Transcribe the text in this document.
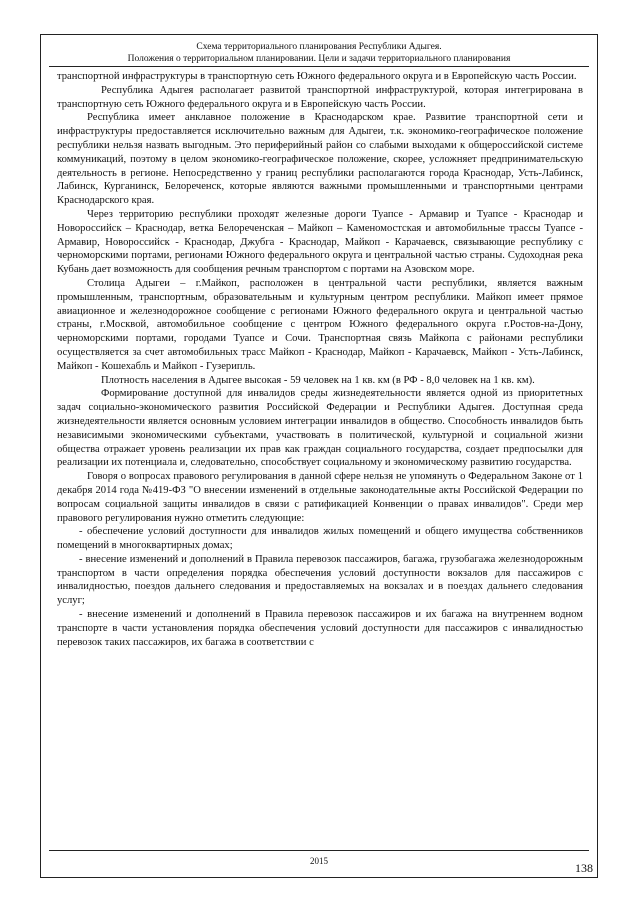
Схема территориального планирования Республики Адыгея.
Положения о территориальном планировании. Цели и задачи территориального планирования

транспортной инфраструктуры в транспортную сеть Южного федерального округа и в Европейскую часть России.

Республика Адыгея располагает развитой транспортной инфраструктурой, которая интегрирована в транспортную сеть Южного федерального округа и в Европейскую часть России.

Республика имеет анклавное положение в Краснодарском крае. Развитие транспортной сети и инфраструктуры предоставляется исключительно важным для Адыгеи, т.к. экономико-географическое положение республики нельзя назвать выгодным. Это периферийный район со слабыми выходами к общероссийской системе коммуникаций, поэтому в целом экономико-географическое положение, скорее, усложняет предпринимательскую деятельность в регионе. Непосредственно у границ республики располагаются города Краснодар, Усть-Лабинск, Лабинск, Курганинск, Белореченск, которые являются важными промышленными и транспортными центрами Краснодарского края.

Через территорию республики проходят железные дороги Туапсе - Армавир и Туапсе - Краснодар и Новороссийск – Краснодар, ветка Белореченская – Майкоп – Каменомостская и автомобильные трассы Туапсе - Армавир, Новороссийск - Краснодар, Джубга - Краснодар, Майкоп - Карачаевск, связывающие республику с черноморскими портами, регионами Южного федерального округа и центральной частью страны. Судоходная река Кубань дает возможность для сообщения речным транспортом с портами на Азовском море.

Столица Адыгеи – г.Майкоп, расположен в центральной части республики, является важным промышленным, транспортным, образовательным и культурным центром республики. Майкоп имеет прямое авиационное и железнодорожное сообщение с регионами Южного федерального округа и центральной частью страны, г.Москвой, автомобильное сообщение с центром Южного федерального округа г.Ростов-на-Дону, черноморскими портами, городами Туапсе и Сочи. Транспортная связь Майкопа с районами республики осуществляется за счет автомобильных трасс Майкоп - Краснодар, Майкоп - Карачаевск, Майкоп - Усть-Лабинск, Майкоп - Кошехабль и Майкоп - Гузерипль.

Плотность населения в Адыгее высокая - 59 человек на 1 кв. км (в РФ - 8,0 человек на 1 кв. км).

Формирование доступной для инвалидов среды жизнедеятельности является одной из приоритетных задач социально-экономического развития Российской Федерации и Республики Адыгея. Доступная среда жизнедеятельности является основным условием интеграции инвалидов в общество. Способность инвалидов быть независимыми экономическими субъектами, участвовать в политической, культурной и социальной жизни общества отражает уровень реализации их прав как граждан социального государства, создает предпосылки для реализации их потенциала и, следовательно, способствует социальному и экономическому развитию государства.

Говоря о вопросах правового регулирования в данной сфере нельзя не упомянуть о Федеральном Законе от 1 декабря 2014 года №419-ФЗ "О внесении изменений в отдельные законодательные акты Российской Федерации по вопросам социальной защиты инвалидов в связи с ратификацией Конвенции о правах инвалидов". Среди мер правового регулирования нужно отметить следующие:

- обеспечение условий доступности для инвалидов жилых помещений и общего имущества собственников помещений в многоквартирных домах;

- внесение изменений и дополнений в Правила перевозок пассажиров, багажа, грузобагажа железнодорожным транспортом в части определения порядка обеспечения условий доступности вокзалов для пассажиров с инвалидностью, поездов дальнего следования и предоставляемых на вокзалах и в поездах дальнего следования услуг;

- внесение изменений и дополнений в Правила перевозок пассажиров и их багажа на внутреннем водном транспорте в части установления порядка обеспечения условий доступности для пассажиров с инвалидностью перевозок таких пассажиров, их багажа в соответствии с

2015	138
